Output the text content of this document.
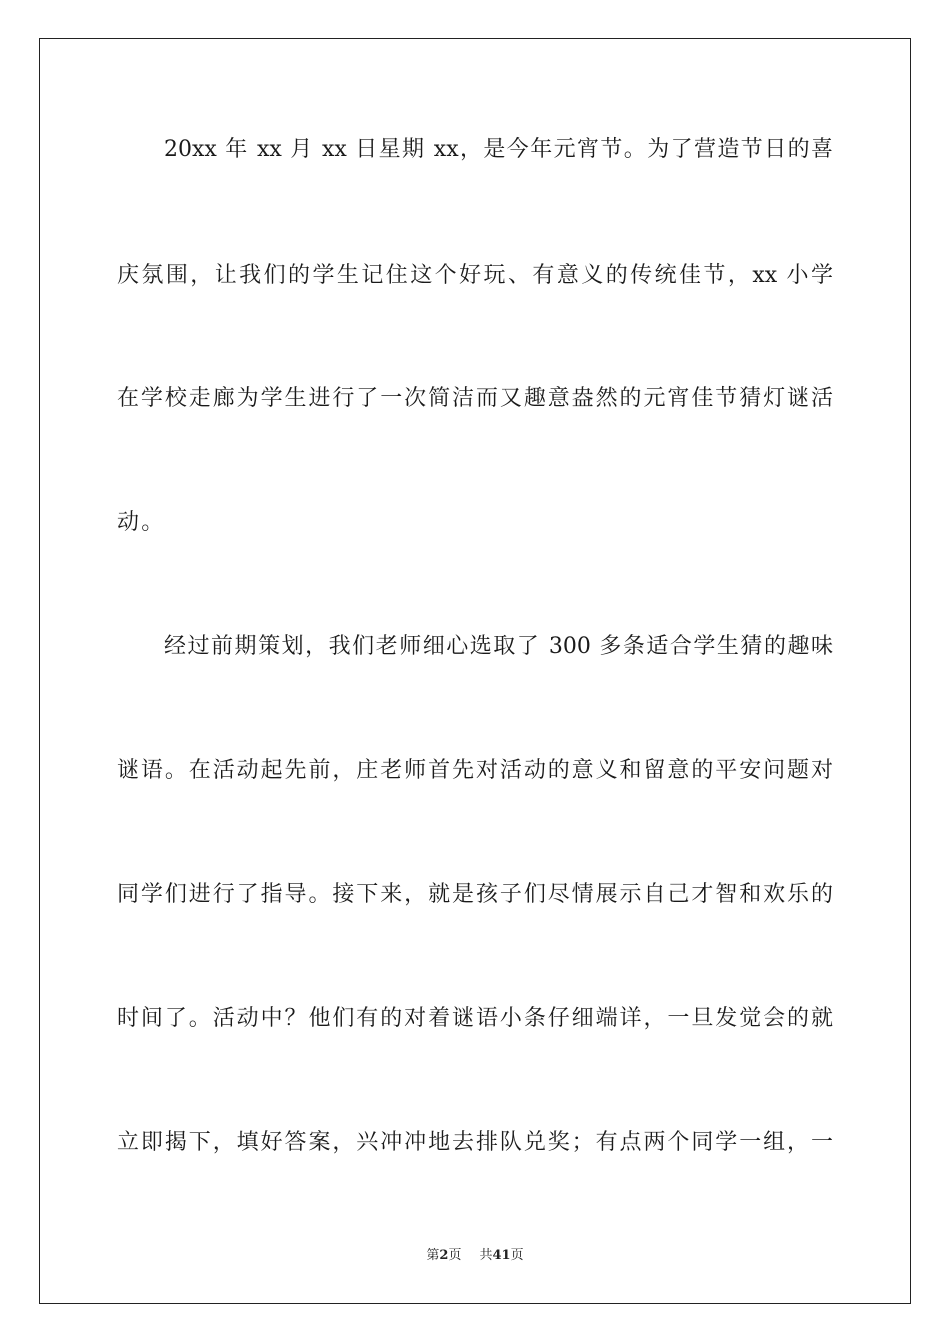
20xx 年 xx 月 xx 日星期 xx，是今年元宵节。为了营造节日的喜
庆氛围，让我们的学生记住这个好玩、有意义的传统佳节，xx 小学
在学校走廊为学生进行了一次简洁而又趣意盎然的元宵佳节猜灯谜活
动。
经过前期策划，我们老师细心选取了 300 多条适合学生猜的趣味
谜语。在活动起先前，庄老师首先对活动的意义和留意的平安问题对
同学们进行了指导。接下来，就是孩子们尽情展示自己才智和欢乐的
时间了。活动中？他们有的对着谜语小条仔细端详，一旦发觉会的就
立即揭下，填好答案，兴冲冲地去排队兑奖；有点两个同学一组，一
第2页 共41页
